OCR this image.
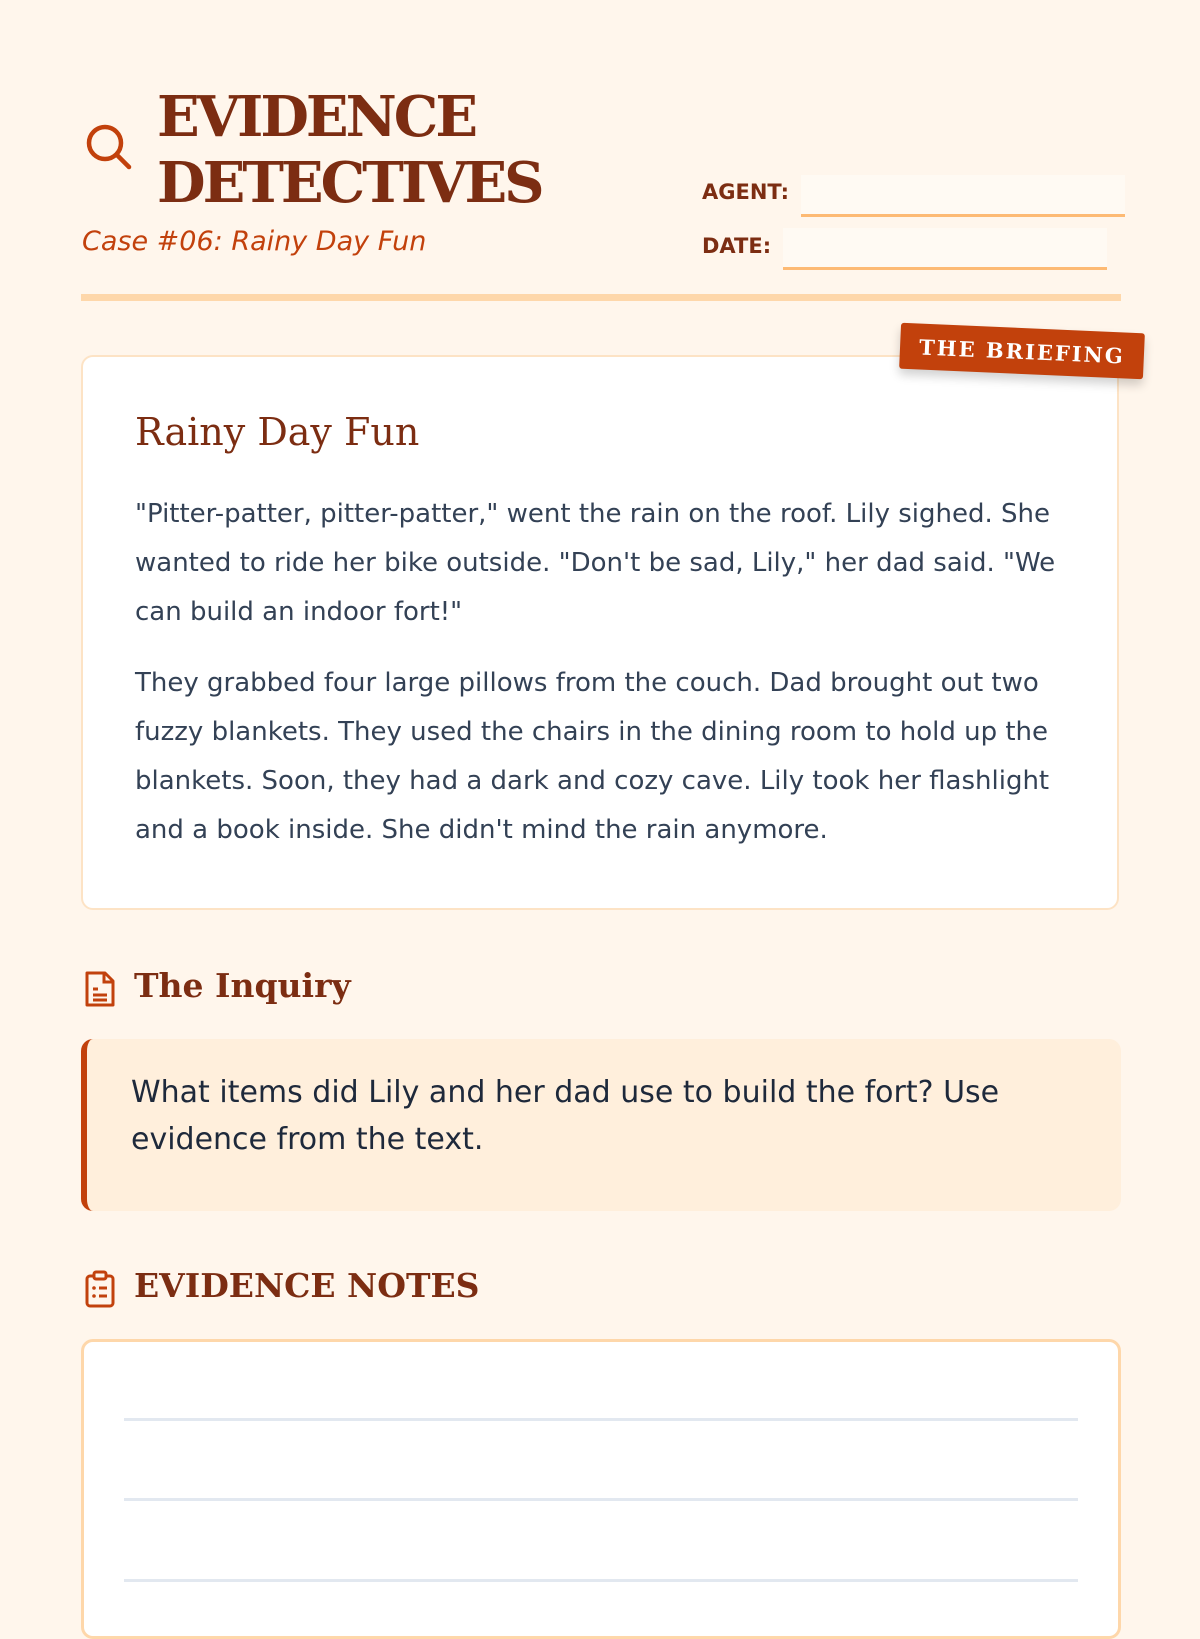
EVIDENCE
DETECTIVES
Case #06: Rainy Day Fun
AGENT:
DATE:
THE BRIEFING
Rainy Day Fun

"Pitter-patter, pitter-patter," went the rain on the roof. Lily sighed. She wanted to ride her bike outside. "Don't be sad, Lily," her dad said. "We can build an indoor fort!"

They grabbed four large pillows from the couch. Dad brought out two fuzzy blankets. They used the chairs in the dining room to hold up the blankets. Soon, they had a dark and cozy cave. Lily took her flashlight and a book inside. She didn't mind the rain anymore.

The Inquiry
What items did Lily and her dad use to build the fort? Use evidence from the text.
EVIDENCE NOTES
